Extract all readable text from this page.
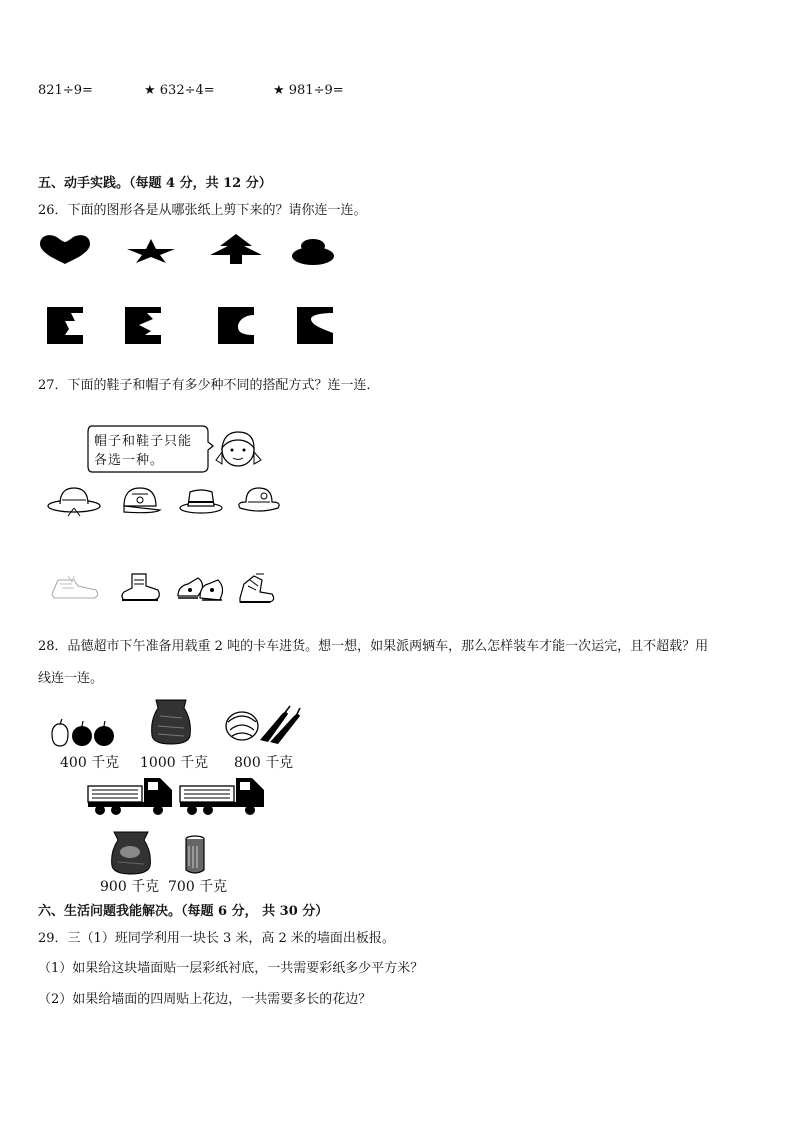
821÷9=	★ 632÷4=	★ 981÷9=
五、动手实践。（每题 4 分，共 12 分）
26．下面的图形各是从哪张纸上剪下来的？请你连一连。
27．下面的鞋子和帽子有多少种不同的搭配方式？连一连．
帽子和鞋子只能
各选一种。
28．品德超市下午准备用载重 2 吨的卡车进货。想一想，如果派两辆车，那么怎样装车才能一次运完，且不超载？用
线连一连。
400 千克 1000 千克 800 千克
900 千克 700 千克
六、生活问题我能解决。（每题 6 分， 共 30 分）
29．三（1）班同学利用一块长 3 米，高 2 米的墙面出板报。
（1）如果给这块墙面贴一层彩纸衬底，一共需要彩纸多少平方米？
（2）如果给墙面的四周贴上花边，一共需要多长的花边？
